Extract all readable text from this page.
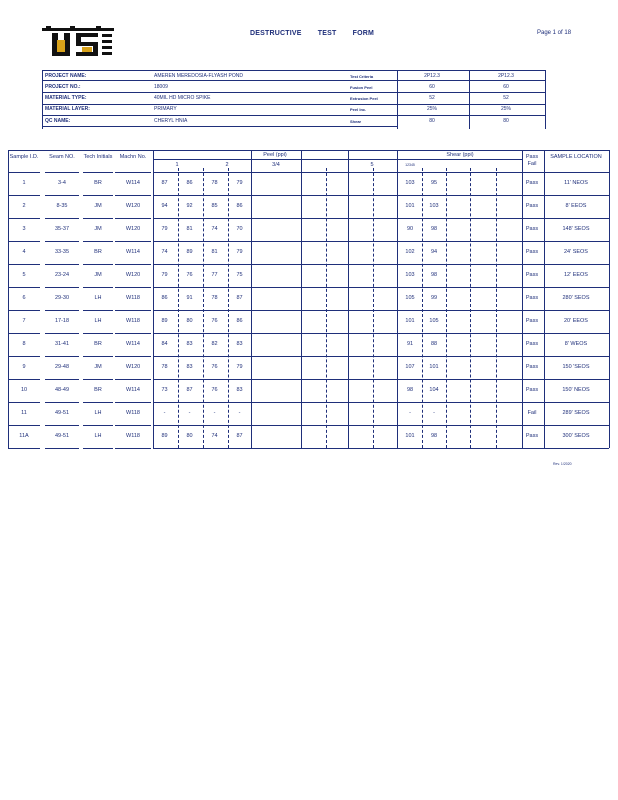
DESTRUCTIVE TEST FORM	Page 1 of 18
PROJECT NAME:	AMEREN MEREDOSIA-FLYASH POND	Test Criteria	2P12.3	2P12.3
PROJECT NO.:	18009	Fusion Peel	60	60
MATERIAL TYPE:	40MIL HD MICRO SPIKE	Extrusion Peel	52	52
MATERIAL LAYER:	PRIMARY	Peel Inc.	25%	25%
QC NAME:	CHERYL HNIA	Shear	80	80
Sample I.D.	Seam NO.	Tech Initials	Machn No.	Peel (ppi)
1	2	3/4	5
Shear (ppi)
12345
Pass Fail
SAMPLE LOCATION
1	3-4	BR	W114	87	86	78	79	103	95	Pass	11' NEOS
2	8-35	JM	W120	94	92	85	86	101	103	Pass	8' EEOS
3	35-37	JM	W120	79	81	74	70	90	98	Pass	148' SEOS
4	33-35	BR	W114	74	89	81	79	102	94	Pass	24' SEOS
5	23-24	JM	W120	79	76	77	75	103	98	Pass	12' EEOS
6	29-30	LH	W118	86	91	78	87	105	99	Pass	280' SEOS
7	17-18	LH	W118	89	80	76	86	101	105	Pass	20' EEOS
8	31-41	BR	W114	84	83	82	83	91	88	Pass	8' WEOS
9	29-48	JM	W120	78	83	76	79	107	101	Pass	150 'SEOS
10	48-49	BR	W114	73	87	76	83	98	104	Pass	150' NEOS
11	49-51	LH	W118	-	-	-	-	-	-	Fail	289' SEOS
11A	49-51	LH	W118	89	80	74	87	101	98	Pass	300' SEOS
Rev. 1/2020
